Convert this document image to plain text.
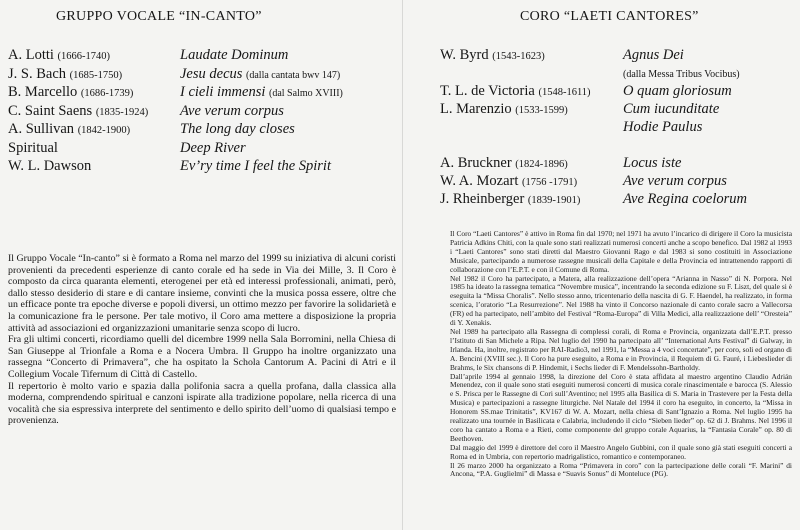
GRUPPO VOCALE “IN-CANTO”
A. Lotti (1666-1740)	Laudate Dominum
J. S. Bach (1685-1750)	Jesu decus (dalla cantata bwv 147)
B. Marcello (1686-1739)	I cieli immensi (dal Salmo XVIII)
C. Saint Saens (1835-1924) Ave verum corpus
A. Sullivan (1842-1900)	The long day closes
Spiritual	Deep River
W. L. Dawson	Ev’ry time I feel the Spirit

Il Gruppo Vocale “In-canto” si è formato a Roma nel marzo del 1999 su iniziativa di alcuni coristi provenienti da precedenti esperienze di canto corale ed ha sede in Via dei Mille, 3. Il Coro è composto da circa quaranta elementi, eterogenei per età ed interessi professionali, animati, però, dallo stesso desiderio di stare e di cantare insieme, convinti che la musica possa essere, oltre che un efficace ponte tra epoche diverse e popoli diversi, un ottimo mezzo per favorire la solidarietà e la comunicazione fra le persone. Per tale motivo, il Coro ama mettere a disposizione la propria attività ad associazioni ed organizzazioni umanitarie senza scopo di lucro.

Fra gli ultimi concerti, ricordiamo quelli del dicembre 1999 nella Sala Borromini, nella Chiesa di San Giuseppe al Trionfale a Roma e a Nocera Umbra. Il Gruppo ha inoltre organizzato una rassegna “Concerto di Primavera”, che ha ospitato la Schola Cantorum A. Pacini di Atri e il Collegium Vocale Tifernum di Città di Castello.

Il repertorio è molto vario e spazia dalla polifonia sacra a quella profana, dalla classica alla moderna, comprendendo spiritual e canzoni ispirate alla tradizione popolare, nella ricerca di una vocalità che sia espressiva interprete del sentimento e dello spirito dell’uomo di qualsiasi tempo e provenienza.

CORO “LAETI CANTORES”
W. Byrd (1543-1623)	Agnus Dei
(dalla Messa Tribus Vocibus)
T. L. de Victoria (1548-1611) O quam gloriosum
L. Marenzio (1533-1599)	Cum iucunditate
Hodie Paulus
A. Bruckner (1824-1896)	Locus iste
W. A. Mozart (1756 -1791)	Ave verum corpus
J. Rheinberger (1839-1901)	Ave Regina coelorum

Il Coro “Laeti Cantores” è attivo in Roma fin dal 1970; nel 1971 ha avuto l’incarico di dirigere il Coro la musicista Patricia Adkins Chiti, con la quale sono stati realizzati numerosi concerti anche a scopo benefico. Dal 1982 al 1993 i “Laeti Cantores” sono stati diretti dal Maestro Giovanni Rago e dal 1983 si sono costituiti in Associazione Musicale, partecipando a numerose rassegne musicali della Capitale e della Provincia ed intrattenendo rapporti di collaborazione con l’E.P.T. e con il Comune di Roma.

Nel 1982 il Coro ha partecipato, a Matera, alla realizzazione dell’opera “Arianna in Nasso” di N. Porpora. Nel 1985 ha ideato la rassegna tematica “Novembre musica”, incentrando la seconda edizione su F. Liszt, del quale si è eseguita la “Missa Choralis”. Nello stesso anno, tricentenario della nascita di G. F. Haendel, ha realizzato, in forma scenica, l’oratorio “La Resurrezione”. Nel 1988 ha vinto il Concorso nazionale di canto corale sacro a Vallecorsa (FR) ed ha partecipato, nell’ambito del Festival “Roma-Europa” di Villa Medici, alla realizzazione dell’ “Oresteia” di Y. Xenakis.

Nel 1989 ha partecipato alla Rassegna di complessi corali, di Roma e Provincia, organizzata dall’E.P.T. presso l’Istituto di San Michele a Ripa. Nel luglio del 1990 ha partecipato all’ “International Arts Festival” di Galway, in Irlanda. Ha, inoltre, registrato per RAI-Radio3, nel 1991, la “Messa a 4 voci concertate”, per coro, soli ed organo di A. Bencini (XVIII sec.). Il Coro ha pure eseguito, a Roma e in Provincia, il Requiem di G. Fauré, i Liebeslieder di Brahms, le Six chansons di P. Hindemit, i Sechs lieder di F. Mendelssohn-Bartholdy.

Dall’aprile 1994 al gennaio 1998, la direzione del Coro è stata affidata al maestro argentino Claudio Adrián Menendez, con il quale sono stati eseguiti numerosi concerti di musica corale rinascimentale e barocca (S. Alessio e S. Prisca per le Rassegne di Cori sull’Aventino; nel 1995 alla Basilica di S. Maria in Trastevere per la Festa della Musica) e partecipazioni a rassegne liturgiche. Nel Natale del 1994 il coro ha eseguito, in concerto, la “Missa in Honorem SS.mae Trinitatis”, KV167 di W. A. Mozart, nella chiesa di Sant’Ignazio a Roma. Nel luglio 1995 ha realizzato una tournée in Basilicata e Calabria, includendo il ciclo “Sieben lieder” op. 62 di J. Brahms. Nel 1996 il coro ha cantato a Roma e a Rieti, come componente del gruppo corale Aquarius, la “Fantasia Corale” op. 80 di Beethoven.

Dal maggio del 1999 è direttore del coro il Maestro Angelo Gubbini, con il quale sono già stati eseguiti concerti a Roma ed in Umbria, con repertorio madrigalistico, romantico e contemporaneo.

Il 26 marzo 2000 ha organizzato a Roma “Primavera in coro” con la partecipazione delle corali “F. Marini” di Ancona, “P.A. Guglielmi” di Massa e “Suavis Sonus” di Monteluce (PG).
